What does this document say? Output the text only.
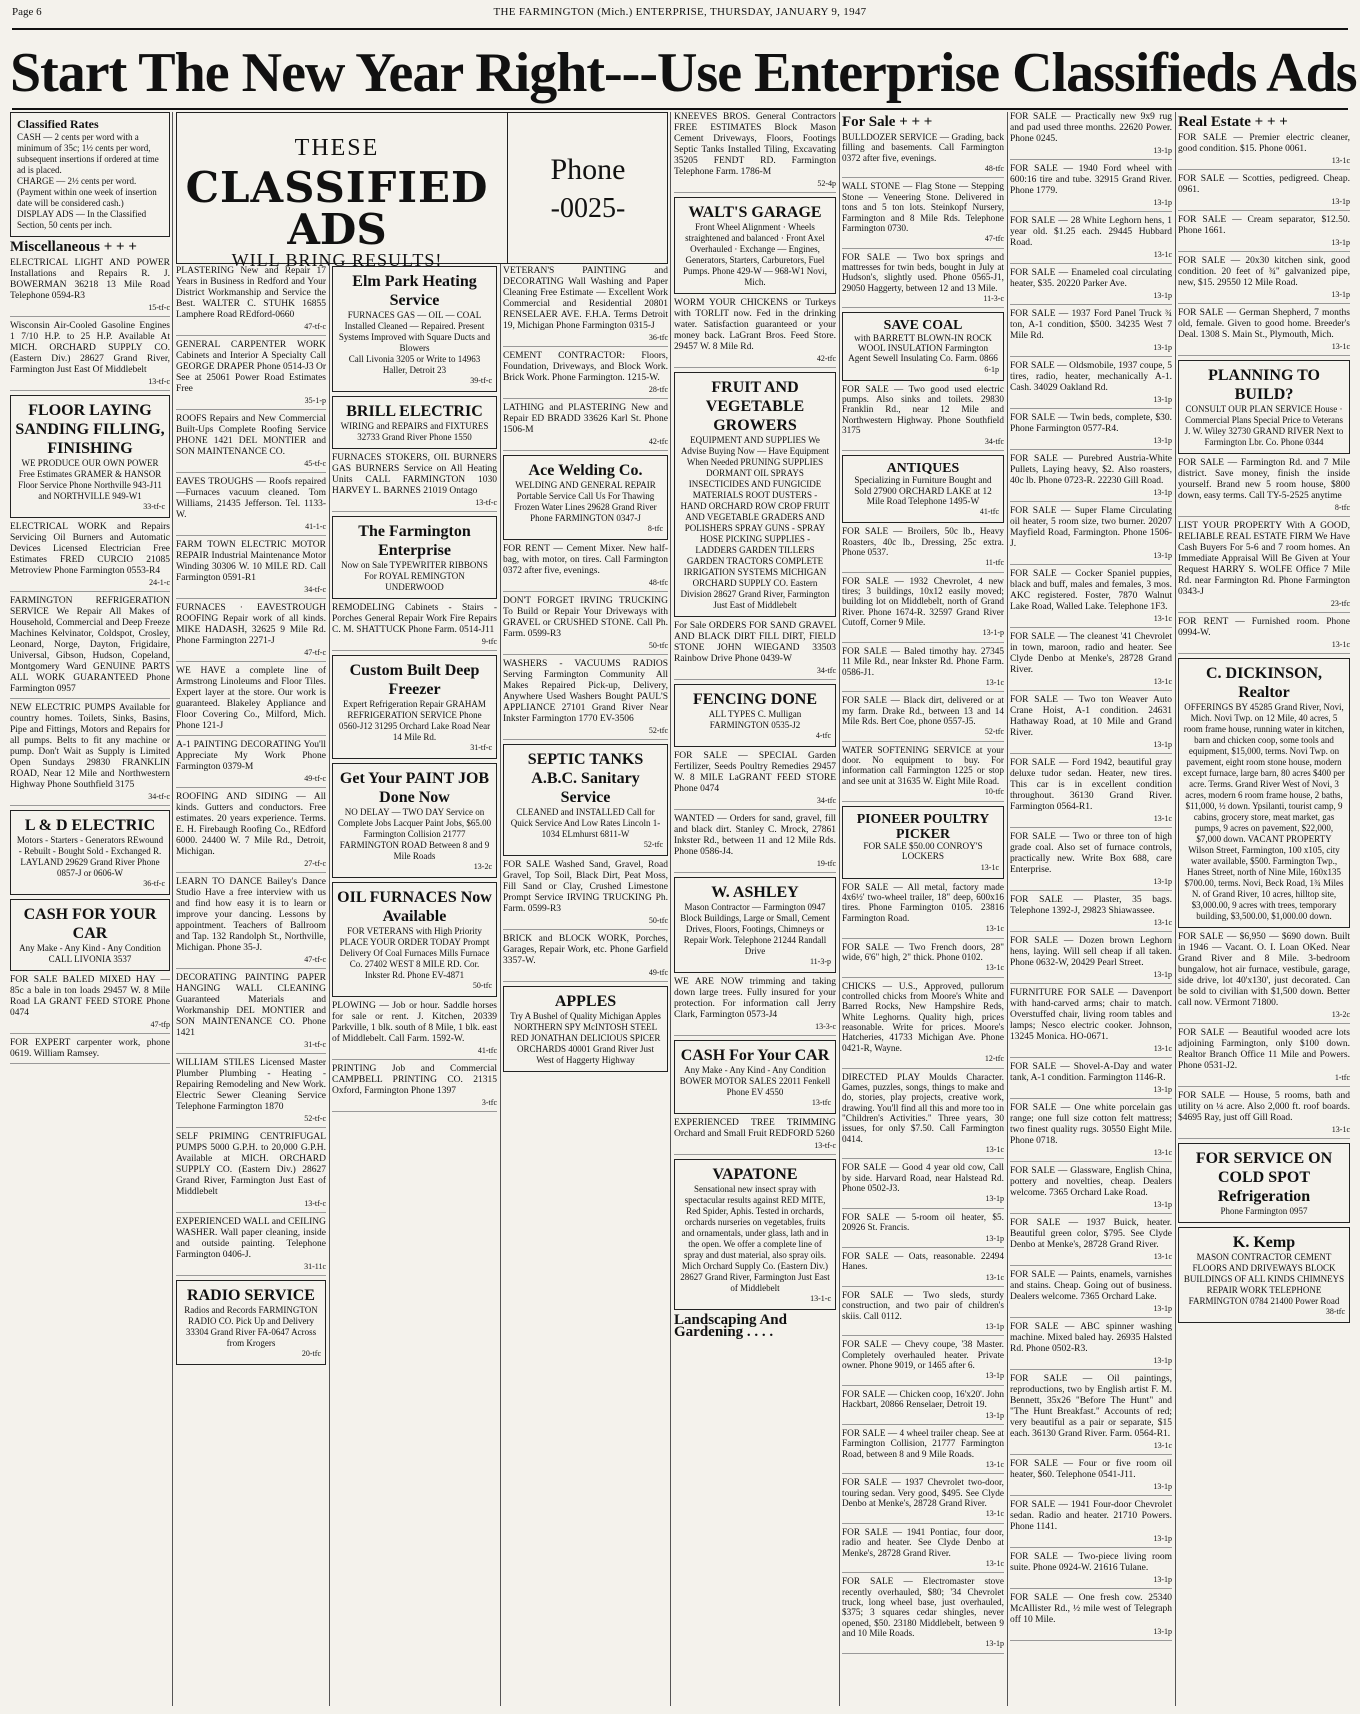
Page 6	THE FARMINGTON (Mich.) ENTERPRISE, THURSDAY, JANUARY 9, 1947
Start The New Year Right---Use Enterprise Classifieds Ads
THESE
CLASSIFIED
ADS
WILL BRING RESULTS!
Phone
-0025-
Classified Rates

CASH — 2 cents per word with a minimum of 35c; 1½ cents per word, subsequent insertions if ordered at time ad is placed.

CHARGE — 2½ cents per word. (Payment within one week of insertion date will be considered cash.)

DISPLAY ADS — In the Classified Section, 50 cents per inch.

Miscellaneous + + +
ELECTRICAL LIGHT AND POWER Installations and Repairs R. J. BOWERMAN 36218 13 Mile Road Telephone 0594-R3
15-tf-c
Wisconsin Air-Cooled Gasoline Engines 1 7/10 H.P. to 25 H.P. Available At MICH. ORCHARD SUPPLY CO. (Eastern Div.) 28627 Grand River, Farmington Just East Of Middlebelt
13-tf-c

FLOOR LAYING SANDING FILLING, FINISHING

WE PRODUCE OUR OWN POWER Free Estimates GRAMER & HANSOR Floor Service Phone Northville 943-J11 and NORTHVILLE 949-W1

33-tf-c
ELECTRICAL WORK and Repairs Servicing Oil Burners and Automatic Devices Licensed Electrician Free Estimates FRED CURCIO 21085 Metroview Phone Farmington 0553-R4
24-1-c
FARMINGTON REFRIGERATION SERVICE We Repair All Makes of Household, Commercial and Deep Freeze Machines Kelvinator, Coldspot, Crosley, Leonard, Norge, Dayton, Frigidaire, Universal, Gibson, Hudson, Copeland, Montgomery Ward GENUINE PARTS ALL WORK GUARANTEED Phone Farmington 0957
NEW ELECTRIC PUMPS Available for country homes. Toilets, Sinks, Basins, Pipe and Fittings, Motors and Repairs for all pumps. Belts to fit any machine or pump. Don't Wait as Supply is Limited Open Sundays 29830 FRANKLIN ROAD, Near 12 Mile and Northwestern Highway Phone Southfield 3175
34-tf-c

L & D ELECTRIC

Motors - Starters - Generators REwound - Rebuilt - Bought Sold - Exchanged R. LAYLAND 29629 Grand River Phone 0857-J or 0606-W

36-tf-c

CASH FOR YOUR CAR

Any Make - Any Kind - Any Condition CALL LIVONIA 3537

FOR SALE BALED MIXED HAY — 85c a bale in ton loads 29457 W. 8 Mile Road LA GRANT FEED STORE Phone 0474
47-tfp
FOR EXPERT carpenter work, phone 0619. William Ramsey.
PLASTERING New and Repair 17 Years in Business in Redford and Your District Workmanship and Service the Best. WALTER C. STUHK 16855 Lamphere Road REdford-0660
47-tf-c
GENERAL CARPENTER WORK Cabinets and Interior A Specialty Call GEORGE DRAPER Phone 0514-J3 Or See at 25061 Power Road Estimates Free
35-1-p
ROOFS Repairs and New Commercial Built-Ups Complete Roofing Service PHONE 1421 DEL MONTIER and SON MAINTENANCE CO.
45-tf-c
EAVES TROUGHS — Roofs repaired—Furnaces vacuum cleaned. Tom Williams, 21435 Jefferson. Tel. 1133-W.
41-1-c
FARM TOWN ELECTRIC MOTOR REPAIR Industrial Maintenance Motor Winding 30306 W. 10 MILE RD. Call Farmington 0591-R1
34-tf-c
FURNACES · EAVESTROUGH ROOFING Repair work of all kinds. MIKE HADASH, 32625 9 Mile Rd. Phone Farmington 2271-J
47-tf-c
WE HAVE a complete line of Armstrong Linoleums and Floor Tiles. Expert layer at the store. Our work is guaranteed. Blakeley Appliance and Floor Covering Co., Milford, Mich. Phone 121-J
A-1 PAINTING DECORATING You'll Appreciate My Work Phone Farmington 0379-M
49-tf-c
ROOFING AND SIDING — All kinds. Gutters and conductors. Free estimates. 20 years experience. Terms. E. H. Firebaugh Roofing Co., REdford 6000. 24400 W. 7 Mile Rd., Detroit, Michigan.
27-tf-c
LEARN TO DANCE Bailey's Dance Studio Have a free interview with us and find how easy it is to learn or improve your dancing. Lessons by appointment. Teachers of Ballroom and Tap. 132 Randolph St., Northville, Michigan. Phone 35-J.
47-tf-c
DECORATING PAINTING PAPER HANGING WALL CLEANING Guaranteed Materials and Workmanship DEL MONTIER and SON MAINTENANCE CO. Phone 1421
31-tf-c
WILLIAM STILES Licensed Master Plumber Plumbing - Heating - Repairing Remodeling and New Work. Electric Sewer Cleaning Service Telephone Farmington 1870
52-tf-c
SELF PRIMING CENTRIFUGAL PUMPS 5000 G.P.H. to 20,000 G.P.H. Available at MICH. ORCHARD SUPPLY CO. (Eastern Div.) 28627 Grand River, Farmington Just East of Middlebelt
13-tf-c
EXPERIENCED WALL and CEILING WASHER. Wall paper cleaning, inside and outside painting. Telephone Farmington 0406-J.
31-11c

RADIO SERVICE

Radios and Records FARMINGTON RADIO CO. Pick Up and Delivery 33304 Grand River FA-0647 Across from Krogers

20-tfc

Elm Park Heating Service

FURNACES GAS — OIL — COAL Installed Cleaned — Repaired. Present Systems Improved with Square Ducts and Blowers

Call Livonia 3205 or Write to 14963 Haller, Detroit 23

39-tf-c

BRILL ELECTRIC

WIRING and REPAIRS and FIXTURES 32733 Grand River Phone 1550

FURNACES STOKERS, OIL BURNERS GAS BURNERS Service on All Heating Units CALL FARMINGTON 1030 HARVEY L. BARNES 21019 Ontago
13-tf-c

The Farmington Enterprise

Now on Sale TYPEWRITER RIBBONS For ROYAL REMINGTON UNDERWOOD

REMODELING Cabinets - Stairs - Porches General Repair Work Fire Repairs C. M. SHATTUCK Phone Farm. 0514-J11
9-tfc

Custom Built Deep Freezer

Expert Refrigeration Repair GRAHAM REFRIGERATION SERVICE Phone 0560-J12 31295 Orchard Lake Road Near 14 Mile Rd.

31-tf-c

Get Your PAINT JOB Done Now

NO DELAY — TWO DAY Service on Complete Jobs Lacquer Paint Jobs, $65.00 Farmington Collision 21777 FARMINGTON ROAD Between 8 and 9 Mile Roads

13-2c

OIL FURNACES Now Available

FOR VETERANS with High Priority PLACE YOUR ORDER TODAY Prompt Delivery Of Coal Furnaces Mills Furnace Co. 27402 WEST 8 MILE RD. Cor. Inkster Rd. Phone EV-4871

50-tfc
PLOWING — Job or hour. Saddle horses for sale or rent. J. Kitchen, 20339 Parkville, 1 blk. south of 8 Mile, 1 blk. east of Middlebelt. Call Farm. 1592-W.
41-tfc
PRINTING Job and Commercial CAMPBELL PRINTING CO. 21315 Oxford, Farmington Phone 1397
3-tfc
VETERAN'S PAINTING and DECORATING Wall Washing and Paper Cleaning Free Estimate — Excellent Work Commercial and Residential 20801 RENSELAER AVE. F.H.A. Terms Detroit 19, Michigan Phone Farmington 0315-J
36-tfc
CEMENT CONTRACTOR: Floors, Foundation, Driveways, and Block Work. Brick Work. Phone Farmington. 1215-W.
28-tfc
LATHING and PLASTERING New and Repair ED BRADD 33626 Karl St. Phone 1506-M
42-tfc

Ace Welding Co.

WELDING AND GENERAL REPAIR Portable Service Call Us For Thawing Frozen Water Lines 29628 Grand River Phone FARMINGTON 0347-J

8-tfc
FOR RENT — Cement Mixer. New half-bag, with motor, on tires. Call Farmington 0372 after five, evenings.
48-tfc
DON'T FORGET IRVING TRUCKING To Build or Repair Your Driveways with GRAVEL or CRUSHED STONE. Call Ph. Farm. 0599-R3
50-tfc
WASHERS - VACUUMS RADIOS Serving Farmington Community All Makes Repaired Pick-up, Delivery, Anywhere Used Washers Bought PAUL'S APPLIANCE 27101 Grand River Near Inkster Farmington 1770 EV-3506
52-tfc

SEPTIC TANKS A.B.C. Sanitary Service

CLEANED and INSTALLED Call for Quick Service And Low Rates Lincoln 1-1034 ELmhurst 6811-W

52-tfc
FOR SALE Washed Sand, Gravel, Road Gravel, Top Soil, Black Dirt, Peat Moss, Fill Sand or Clay, Crushed Limestone Prompt Service IRVING TRUCKING Ph. Farm. 0599-R3
50-tfc
BRICK and BLOCK WORK, Porches, Garages, Repair Work, etc. Phone Garfield 3357-W.
49-tfc

APPLES

Try A Bushel of Quality Michigan Apples NORTHERN SPY McINTOSH STEEL RED JONATHAN DELICIOUS SPICER ORCHARDS 40001 Grand River Just West of Haggerty Highway

KNEEVES BROS. General Contractors FREE ESTIMATES Block Mason Cement Driveways, Floors, Footings Septic Tanks Installed Tiling, Excavating 35205 FENDT RD. Farmington Telephone Farm. 1786-M
52-4p

WALT'S GARAGE

Front Wheel Alignment · Wheels straightened and balanced · Front Axel Overhauled · Exchange — Engines, Generators, Starters, Carburetors, Fuel Pumps. Phone 429-W — 968-W1 Novi, Mich.

WORM YOUR CHICKENS or Turkeys with TORLIT now. Fed in the drinking water. Satisfaction guaranteed or your money back. LaGrant Bros. Feed Store. 29457 W. 8 Mile Rd.
42-tfc

FRUIT AND VEGETABLE GROWERS

EQUIPMENT AND SUPPLIES We Advise Buying Now — Have Equipment When Needed PRUNING SUPPLIES DORMANT OIL SPRAYS INSECTICIDES AND FUNGICIDE MATERIALS ROOT DUSTERS - HAND ORCHARD ROW CROP FRUIT AND VEGETABLE GRADERS AND POLISHERS SPRAY GUNS - SPRAY HOSE PICKING SUPPLIES - LADDERS GARDEN TILLERS GARDEN TRACTORS COMPLETE IRRIGATION SYSTEMS MICHIGAN ORCHARD SUPPLY CO. Eastern Division 28627 Grand River, Farmington Just East of Middlebelt

For Sale ORDERS FOR SAND GRAVEL AND BLACK DIRT FILL DIRT, FIELD STONE JOHN WIEGAND 33503 Rainbow Drive Phone 0439-W
34-tfc

FENCING DONE

ALL TYPES C. Mulligan FARMINGTON 0535-J2

4-tfc
FOR SALE — SPECIAL Garden Fertilizer, Seeds Poultry Remedies 29457 W. 8 MILE LaGRANT FEED STORE Phone 0474
34-tfc
WANTED — Orders for sand, gravel, fill and black dirt. Stanley C. Mrock, 27861 Inkster Rd., between 11 and 12 Mile Rds. Phone 0586-J4.
19-tfc

W. ASHLEY

Mason Contractor — Farmington 0947 Block Buildings, Large or Small, Cement Drives, Floors, Footings, Chimneys or Repair Work. Telephone 21244 Randall Drive

11-3-p
WE ARE NOW trimming and taking down large trees. Fully insured for your protection. For information call Jerry Clark, Farmington 0573-J4
13-3-c

CASH For Your CAR

Any Make - Any Kind - Any Condition BOWER MOTOR SALES 22011 Fenkell Phone EV 4550

13-tfc
EXPERIENCED TREE TRIMMING Orchard and Small Fruit REDFORD 5260
13-tf-c

VAPATONE

Sensational new insect spray with spectacular results against RED MITE, Red Spider, Aphis. Tested in orchards, orchards nurseries on vegetables, fruits and ornamentals, under glass, lath and in the open. We offer a complete line of spray and dust material, also spray oils. Mich Orchard Supply Co. (Eastern Div.) 28627 Grand River, Farmington Just East of Middlebelt

13-1-c
Landscaping And Gardening . . . .
For Sale + + +
BULLDOZER SERVICE — Grading, back filling and basements. Call Farmington 0372 after five, evenings.
48-tfc
WALL STONE — Flag Stone — Stepping Stone — Veneering Stone. Delivered in tons and 5 ton lots. Steinkopf Nursery, Farmington and 8 Mile Rds. Telephone Farmington 0730.
47-tfc
FOR SALE — Two box springs and mattresses for twin beds, bought in July at Hudson's, slightly used. Phone 0565-J1, 29050 Haggerty, between 12 and 13 Mile.
11-3-c

SAVE COAL

with BARRETT BLOWN-IN ROCK WOOL INSULATION Farmington Agent Sewell Insulating Co. Farm. 0866

6-1p
FOR SALE — Two good used electric pumps. Also sinks and toilets. 29830 Franklin Rd., near 12 Mile and Northwestern Highway. Phone Southfield 3175
34-tfc

ANTIQUES

Specializing in Furniture Bought and Sold 27900 ORCHARD LAKE at 12 Mile Road Telephone 1495-W

41-tfc
FOR SALE — Broilers, 50c lb., Heavy Roasters, 40c lb., Dressing, 25c extra. Phone 0537.
11-tfc
FOR SALE — 1932 Chevrolet, 4 new tires; 3 buildings, 10x12 easily moved; building lot on Middlebelt, north of Grand River. Phone 1674-R. 32597 Grand River Cutoff, Corner 9 Mile.
13-1-p
FOR SALE — Baled timothy hay. 27345 11 Mile Rd., near Inkster Rd. Phone Farm. 0586-J1.
13-1c
FOR SALE — Black dirt, delivered or at my farm. Drake Rd., between 13 and 14 Mile Rds. Bert Coe, phone 0557-J5.
52-tfc
WATER SOFTENING SERVICE at your door. No equipment to buy. For information call Farmington 1225 or stop and see unit at 31635 W. Eight Mile Road.
10-tfc

PIONEER POULTRY PICKER

FOR SALE $50.00 CONROY'S LOCKERS

13-1c
FOR SALE — All metal, factory made 4x6½' two-wheel trailer, 18" deep, 600x16 tires. Phone Farmington 0105. 23816 Farmington Road.
13-1c
FOR SALE — Two French doors, 28" wide, 6'6" high, 2" thick. Phone 0102.
13-1c
CHICKS — U.S., Approved, pullorum controlled chicks from Moore's White and Barred Rocks, New Hampshire Reds, White Leghorns. Quality high, prices reasonable. Write for prices. Moore's Hatcheries, 41733 Michigan Ave. Phone 0421-R, Wayne.
12-tfc
DIRECTED PLAY Moulds Character. Games, puzzles, songs, things to make and do, stories, play projects, creative work, drawing. You'll find all this and more too in "Children's Activities." Three years, 30 issues, for only $7.50. Call Farmington 0414.
13-1c
FOR SALE — Good 4 year old cow, Call by side. Harvard Road, near Halstead Rd. Phone 0502-J3.
13-1p
FOR SALE — 5-room oil heater, $5. 20926 St. Francis.
13-1p
FOR SALE — Oats, reasonable. 22494 Hanes.
13-1c
FOR SALE — Two sleds, sturdy construction, and two pair of children's skiis. Call 0112.
13-1p
FOR SALE — Chevy coupe, '38 Master. Completely overhauled heater. Private owner. Phone 9019, or 1465 after 6.
13-1p
FOR SALE — Chicken coop, 16'x20'. John Hackbart, 20866 Renselaer, Detroit 19.
13-1p
FOR SALE — 4 wheel trailer cheap. See at Farmington Collision, 21777 Farmington Road, between 8 and 9 Mile Roads.
13-1c
FOR SALE — 1937 Chevrolet two-door, touring sedan. Very good, $495. See Clyde Denbo at Menke's, 28728 Grand River.
13-1c
FOR SALE — 1941 Pontiac, four door, radio and heater. See Clyde Denbo at Menke's, 28728 Grand River.
13-1c
FOR SALE — Electromaster stove recently overhauled, $80; '34 Chevrolet truck, long wheel base, just overhauled, $375; 3 squares cedar shingles, never opened, $50. 23180 Middlebelt, between 9 and 10 Mile Roads.
13-1p
FOR SALE — Practically new 9x9 rug and pad used three months. 22620 Power. Phone 0245.
13-1p
FOR SALE — 1940 Ford wheel with 600:16 tire and tube. 32915 Grand River. Phone 1779.
13-1p
FOR SALE — 28 White Leghorn hens, 1 year old. $1.25 each. 29445 Hubbard Road.
13-1c
FOR SALE — Enameled coal circulating heater, $35. 20220 Parker Ave.
13-1p
FOR SALE — 1937 Ford Panel Truck ¾ ton, A-1 condition, $500. 34235 West 7 Mile Rd.
13-1p
FOR SALE — Oldsmobile, 1937 coupe, 5 tires, radio, heater, mechanically A-1. Cash. 34029 Oakland Rd.
13-1p
FOR SALE — Twin beds, complete, $30. Phone Farmington 0577-R4.
13-1p
FOR SALE — Purebred Austria-White Pullets, Laying heavy, $2. Also roasters, 40c lb. Phone 0723-R. 22230 Gill Road.
13-1p
FOR SALE — Super Flame Circulating oil heater, 5 room size, two burner. 20207 Mayfield Road, Farmington. Phone 1506-J.
13-1p
FOR SALE — Cocker Spaniel puppies, black and buff, males and females, 3 mos. AKC registered. Foster, 7870 Walnut Lake Road, Walled Lake. Telephone 1F3.
13-1c
FOR SALE — The cleanest '41 Chevrolet in town, maroon, radio and heater. See Clyde Denbo at Menke's, 28728 Grand River.
13-1c
FOR SALE — Two ton Weaver Auto Crane Hoist, A-1 condition. 24631 Hathaway Road, at 10 Mile and Grand River.
13-1p
FOR SALE — Ford 1942, beautiful gray deluxe tudor sedan. Heater, new tires. This car is in excellent condition throughout. 36130 Grand River. Farmington 0564-R1.
13-1c
FOR SALE — Two or three ton of high grade coal. Also set of furnace controls, practically new. Write Box 688, care Enterprise.
13-1p
FOR SALE — Plaster, 35 bags. Telephone 1392-J, 29823 Shiawassee.
13-1c
FOR SALE — Dozen brown Leghorn hens, laying. Will sell cheap if all taken. Phone 0632-W, 20429 Pearl Street.
13-1p
FURNITURE FOR SALE — Davenport with hand-carved arms; chair to match. Overstuffed chair, living room tables and lamps; Nesco electric cooker. Johnson, 13245 Monica. HO-0671.
13-1c
FOR SALE — Shovel-A-Day and water tank, A-1 condition. Farmington 1146-R.
13-1p
FOR SALE — One white porcelain gas range; one full size cotton felt mattress; two finest quality rugs. 30550 Eight Mile. Phone 0718.
13-1c
FOR SALE — Glassware, English China, pottery and novelties, cheap. Dealers welcome. 7365 Orchard Lake Road.
13-1p
FOR SALE — 1937 Buick, heater. Beautiful green color, $795. See Clyde Denbo at Menke's, 28728 Grand River.
13-1c
FOR SALE — Paints, enamels, varnishes and stains. Cheap. Going out of business. Dealers welcome. 7365 Orchard Lake.
13-1p
FOR SALE — ABC spinner washing machine. Mixed baled hay. 26935 Halsted Rd. Phone 0502-R3.
13-1p
FOR SALE — Oil paintings, reproductions, two by English artist F. M. Bennett, 35x26 "Before The Hunt" and "The Hunt Breakfast." Accounts of red; very beautiful as a pair or separate, $15 each. 36130 Grand River. Farm. 0564-R1.
13-1c
FOR SALE — Four or five room oil heater, $60. Telephone 0541-J11.
13-1p
FOR SALE — 1941 Four-door Chevrolet sedan. Radio and heater. 21710 Powers. Phone 1141.
13-1p
FOR SALE — Two-piece living room suite. Phone 0924-W. 21616 Tulane.
13-1p
FOR SALE — One fresh cow. 25340 McAllister Rd., ½ mile west of Telegraph off 10 Mile.
13-1p
Real Estate + + +
FOR SALE — Premier electric cleaner, good condition. $15. Phone 0061.
13-1c
FOR SALE — Scotties, pedigreed. Cheap. 0961.
13-1p
FOR SALE — Cream separator, $12.50. Phone 1661.
13-1p
FOR SALE — 20x30 kitchen sink, good condition. 20 feet of ¾" galvanized pipe, new, $15. 29550 12 Mile Road.
13-1p
FOR SALE — German Shepherd, 7 months old, female. Given to good home. Breeder's Deal. 1308 S. Main St., Plymouth, Mich.
13-1c

PLANNING TO BUILD?

CONSULT OUR PLAN SERVICE House · Commercial Plans Special Price to Veterans J. W. Wiley 32730 GRAND RIVER Next to Farmington Lbr. Co. Phone 0344

FOR SALE — Farmington Rd. and 7 Mile district. Save money, finish the inside yourself. Brand new 5 room house, $800 down, easy terms. Call TY-5-2525 anytime
8-tfc
LIST YOUR PROPERTY With A GOOD, RELIABLE REAL ESTATE FIRM We Have Cash Buyers For 5-6 and 7 room homes. An Immediate Appraisal Will Be Given at Your Request HARRY S. WOLFE Office 7 Mile Rd. near Farmington Rd. Phone Farmington 0343-J
23-tfc
FOR RENT — Furnished room. Phone 0994-W.
13-1c

C. DICKINSON, Realtor

OFFERINGS BY 45285 Grand River, Novi, Mich. Novi Twp. on 12 Mile, 40 acres, 5 room frame house, running water in kitchen, barn and chicken coop, some tools and equipment, $15,000, terms. Novi Twp. on pavement, eight room stone house, modern except furnace, large barn, 80 acres $400 per acre. Terms. Grand River West of Novi, 3 acres, modern 6 room frame house, 2 baths, $11,000, ½ down. Ypsilanti, tourist camp, 9 cabins, grocery store, meat market, gas pumps, 9 acres on pavement, $22,000, $7,000 down. VACANT PROPERTY Wilson Street, Farmington, 100 x105, city water available, $500. Farmington Twp., Hanes Street, north of Nine Mile, 160x135 $700.00, terms. Novi, Beck Road, 1¾ Miles N. of Grand River, 10 acres, hilltop site, $3,000.00, 9 acres with trees, temporary building, $3,500.00, $1,000.00 down.

FOR SALE — $6,950 — $690 down. Built in 1946 — Vacant. O. I. Loan OKed. Near Grand River and 8 Mile. 3-bedroom bungalow, hot air furnace, vestibule, garage, side drive, lot 40'x130', just decorated. Can be sold to civilian with $1,500 down. Better call now. VErmont 71800.
13-2c
FOR SALE — Beautiful wooded acre lots adjoining Farmington, only $100 down. Realtor Branch Office 11 Mile and Powers. Phone 0531-J2.
1-tfc
FOR SALE — House, 5 rooms, bath and utility on ¼ acre. Also 2,000 ft. roof boards. $4695 Ray, just off Gill Road.
13-1c

FOR SERVICE ON COLD SPOT Refrigeration

Phone Farmington 0957

K. Kemp

MASON CONTRACTOR CEMENT FLOORS AND DRIVEWAYS BLOCK BUILDINGS OF ALL KINDS CHIMNEYS REPAIR WORK TELEPHONE FARMINGTON 0784 21400 Power Road

38-tfc
